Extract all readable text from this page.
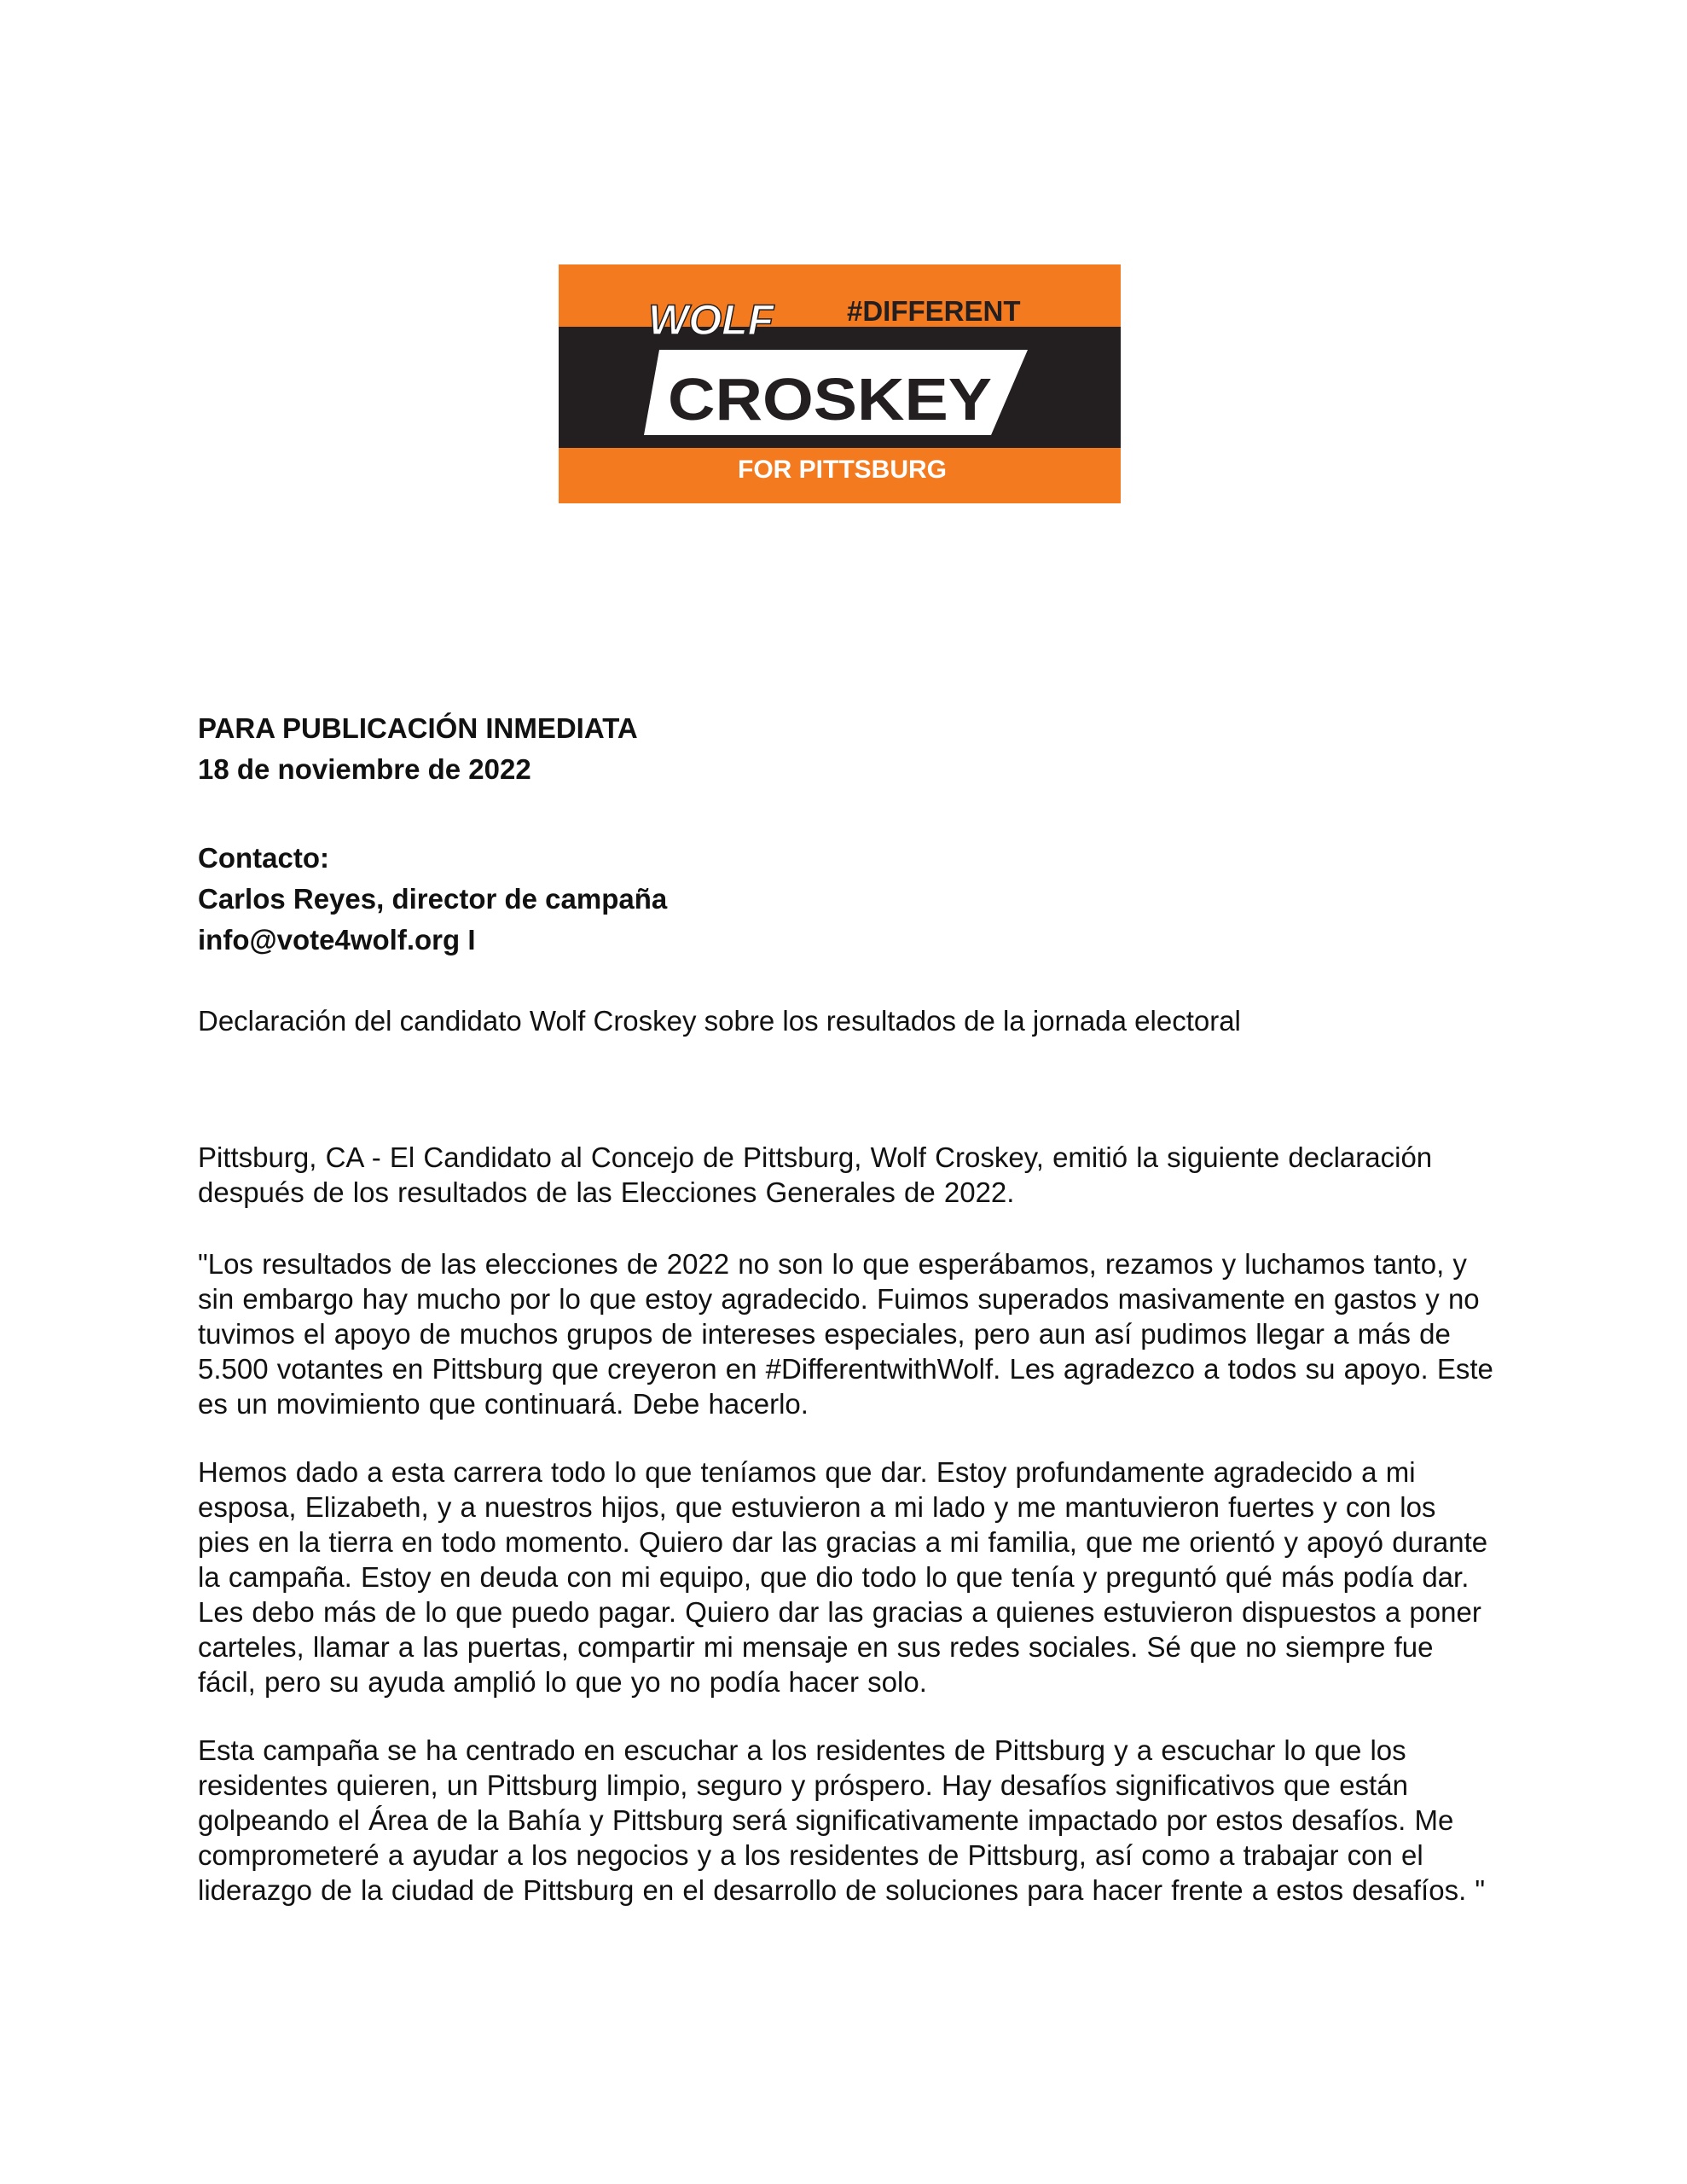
WOLF	#DIFFERENT
CROSKEY
FOR PITTSBURG

PARA PUBLICACIÓN INMEDIATA

18 de noviembre de 2022

Contacto:

Carlos Reyes, director de campaña

info@vote4wolf.org I

Declaración del candidato Wolf Croskey sobre los resultados de la jornada electoral

Pittsburg, CA - El Candidato al Concejo de Pittsburg, Wolf Croskey, emitió la siguiente declaración después de los resultados de las Elecciones Generales de 2022.

"Los resultados de las elecciones de 2022 no son lo que esperábamos, rezamos y luchamos tanto, y sin embargo hay mucho por lo que estoy agradecido. Fuimos superados masivamente en gastos y no tuvimos el apoyo de muchos grupos de intereses especiales, pero aun así pudimos llegar a más de 5.500 votantes en Pittsburg que creyeron en #DifferentwithWolf. Les agradezco a todos su apoyo. Este es un movimiento que continuará. Debe hacerlo.

Hemos dado a esta carrera todo lo que teníamos que dar. Estoy profundamente agradecido a mi esposa, Elizabeth, y a nuestros hijos, que estuvieron a mi lado y me mantuvieron fuertes y con los pies en la tierra en todo momento. Quiero dar las gracias a mi familia, que me orientó y apoyó durante la campaña. Estoy en deuda con mi equipo, que dio todo lo que tenía y preguntó qué más podía dar. Les debo más de lo que puedo pagar. Quiero dar las gracias a quienes estuvieron dispuestos a poner carteles, llamar a las puertas, compartir mi mensaje en sus redes sociales. Sé que no siempre fue fácil, pero su ayuda amplió lo que yo no podía hacer solo.

Esta campaña se ha centrado en escuchar a los residentes de Pittsburg y a escuchar lo que los residentes quieren, un Pittsburg limpio, seguro y próspero. Hay desafíos significativos que están golpeando el Área de la Bahía y Pittsburg será significativamente impactado por estos desafíos. Me comprometeré a ayudar a los negocios y a los residentes de Pittsburg, así como a trabajar con el liderazgo de la ciudad de Pittsburg en el desarrollo de soluciones para hacer frente a estos desafíos. "
